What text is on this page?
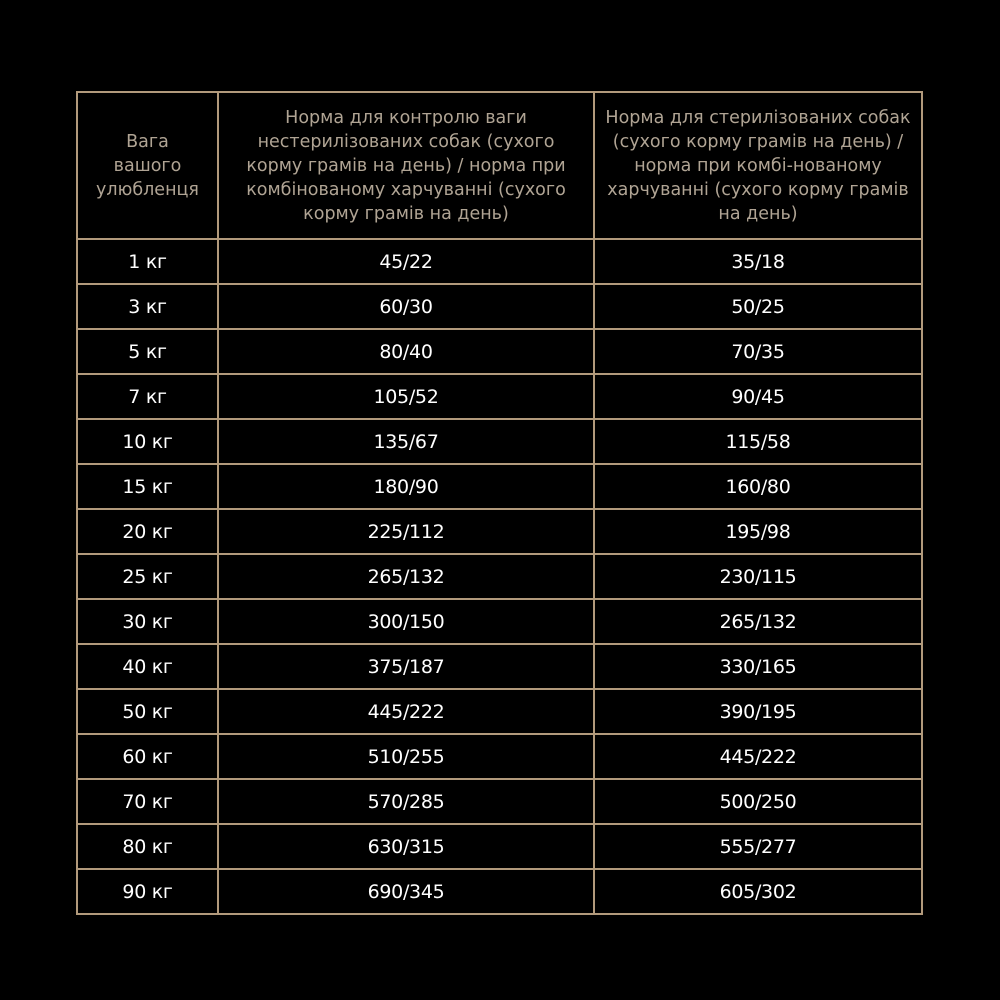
Вага вашого улюбленця	Норма для контролю ваги нестерилізованих собак (сухого корму грамів на день) / норма при комбінованому харчуванні (сухого корму грамів на день)	Норма для стерилізованих собак (сухого корму грамів на день) / норма при комбі-нованому харчуванні (сухого корму грамів на день)
1 кг	45/22	35/18
3 кг	60/30	50/25
5 кг	80/40	70/35
7 кг	105/52	90/45
10 кг	135/67	115/58
15 кг	180/90	160/80
20 кг	225/112	195/98
25 кг	265/132	230/115
30 кг	300/150	265/132
40 кг	375/187	330/165
50 кг	445/222	390/195
60 кг	510/255	445/222
70 кг	570/285	500/250
80 кг	630/315	555/277
90 кг	690/345	605/302
